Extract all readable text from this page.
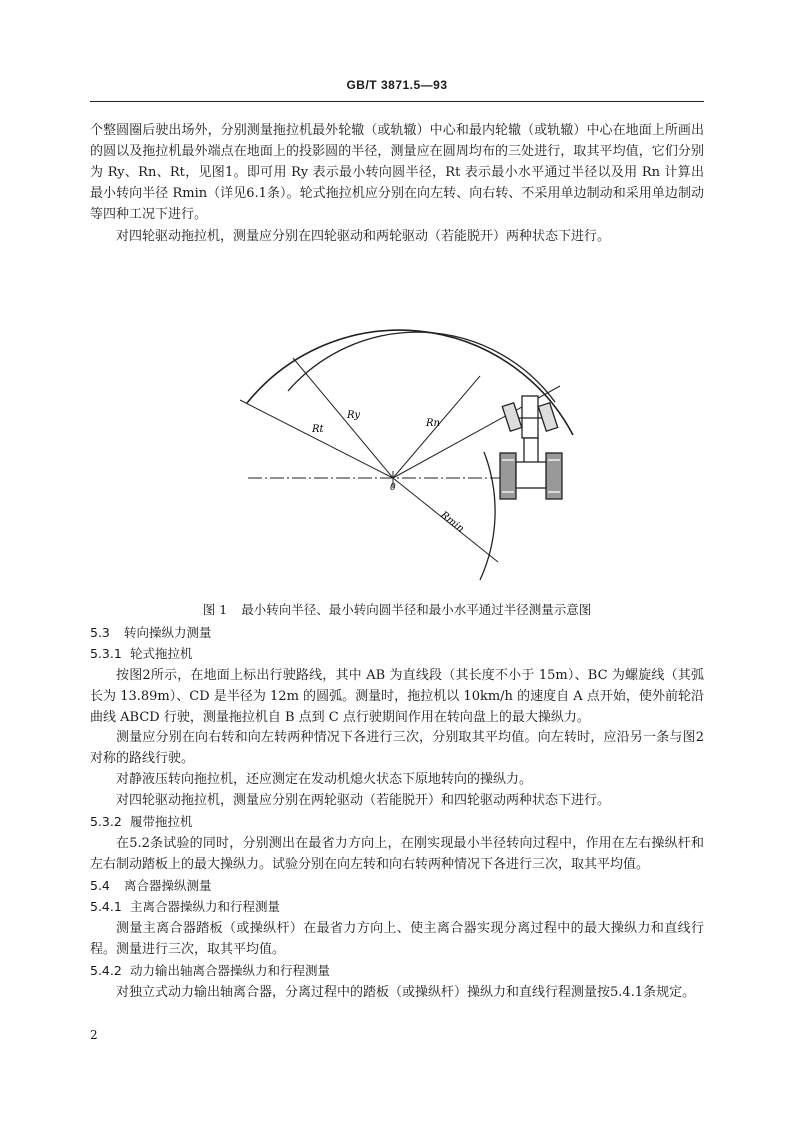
GB/T 3871.5—93

个整圆圈后驶出场外，分别测量拖拉机最外轮辙（或轨辙）中心和最内轮辙（或轨辙）中心在地面上所画出的圆以及拖拉机最外端点在地面上的投影圆的半径，测量应在圆周均布的三处进行，取其平均值，它们分别为 Ry、Rn、Rt，见图1。即可用 Ry 表示最小转向圆半径，Rt 表示最小水平通过半径以及用 Rn 计算出最小转向半径 Rmin（详见6.1条）。轮式拖拉机应分别在向左转、向右转、不采用单边制动和采用单边制动等四种工况下进行。

对四轮驱动拖拉机，测量应分别在四轮驱动和两轮驱动（若能脱开）两种状态下进行。

0
Rt
Ry
Rn
Rmin
图 1 最小转向半径、最小转向圆半径和最小水平通过半径测量示意图
5.3 转向操纵力测量
5.3.1 轮式拖拉机

按图2所示，在地面上标出行驶路线，其中 AB 为直线段（其长度不小于 15m）、BC 为螺旋线（其弧长为 13.89m）、CD 是半径为 12m 的圆弧。测量时，拖拉机以 10km/h 的速度自 A 点开始，使外前轮沿曲线 ABCD 行驶，测量拖拉机自 B 点到 C 点行驶期间作用在转向盘上的最大操纵力。

测量应分别在向右转和向左转两种情况下各进行三次，分别取其平均值。向左转时，应沿另一条与图2对称的路线行驶。

对静液压转向拖拉机，还应测定在发动机熄火状态下原地转向的操纵力。

对四轮驱动拖拉机，测量应分别在两轮驱动（若能脱开）和四轮驱动两种状态下进行。

5.3.2 履带拖拉机

在5.2条试验的同时，分别测出在最省力方向上，在刚实现最小半径转向过程中，作用在左右操纵杆和左右制动踏板上的最大操纵力。试验分别在向左转和向右转两种情况下各进行三次，取其平均值。

5.4 离合器操纵测量
5.4.1 主离合器操纵力和行程测量

测量主离合器踏板（或操纵杆）在最省力方向上、使主离合器实现分离过程中的最大操纵力和直线行程。测量进行三次，取其平均值。

5.4.2 动力输出轴离合器操纵力和行程测量

对独立式动力输出轴离合器，分离过程中的踏板（或操纵杆）操纵力和直线行程测量按5.4.1条规定。

2
